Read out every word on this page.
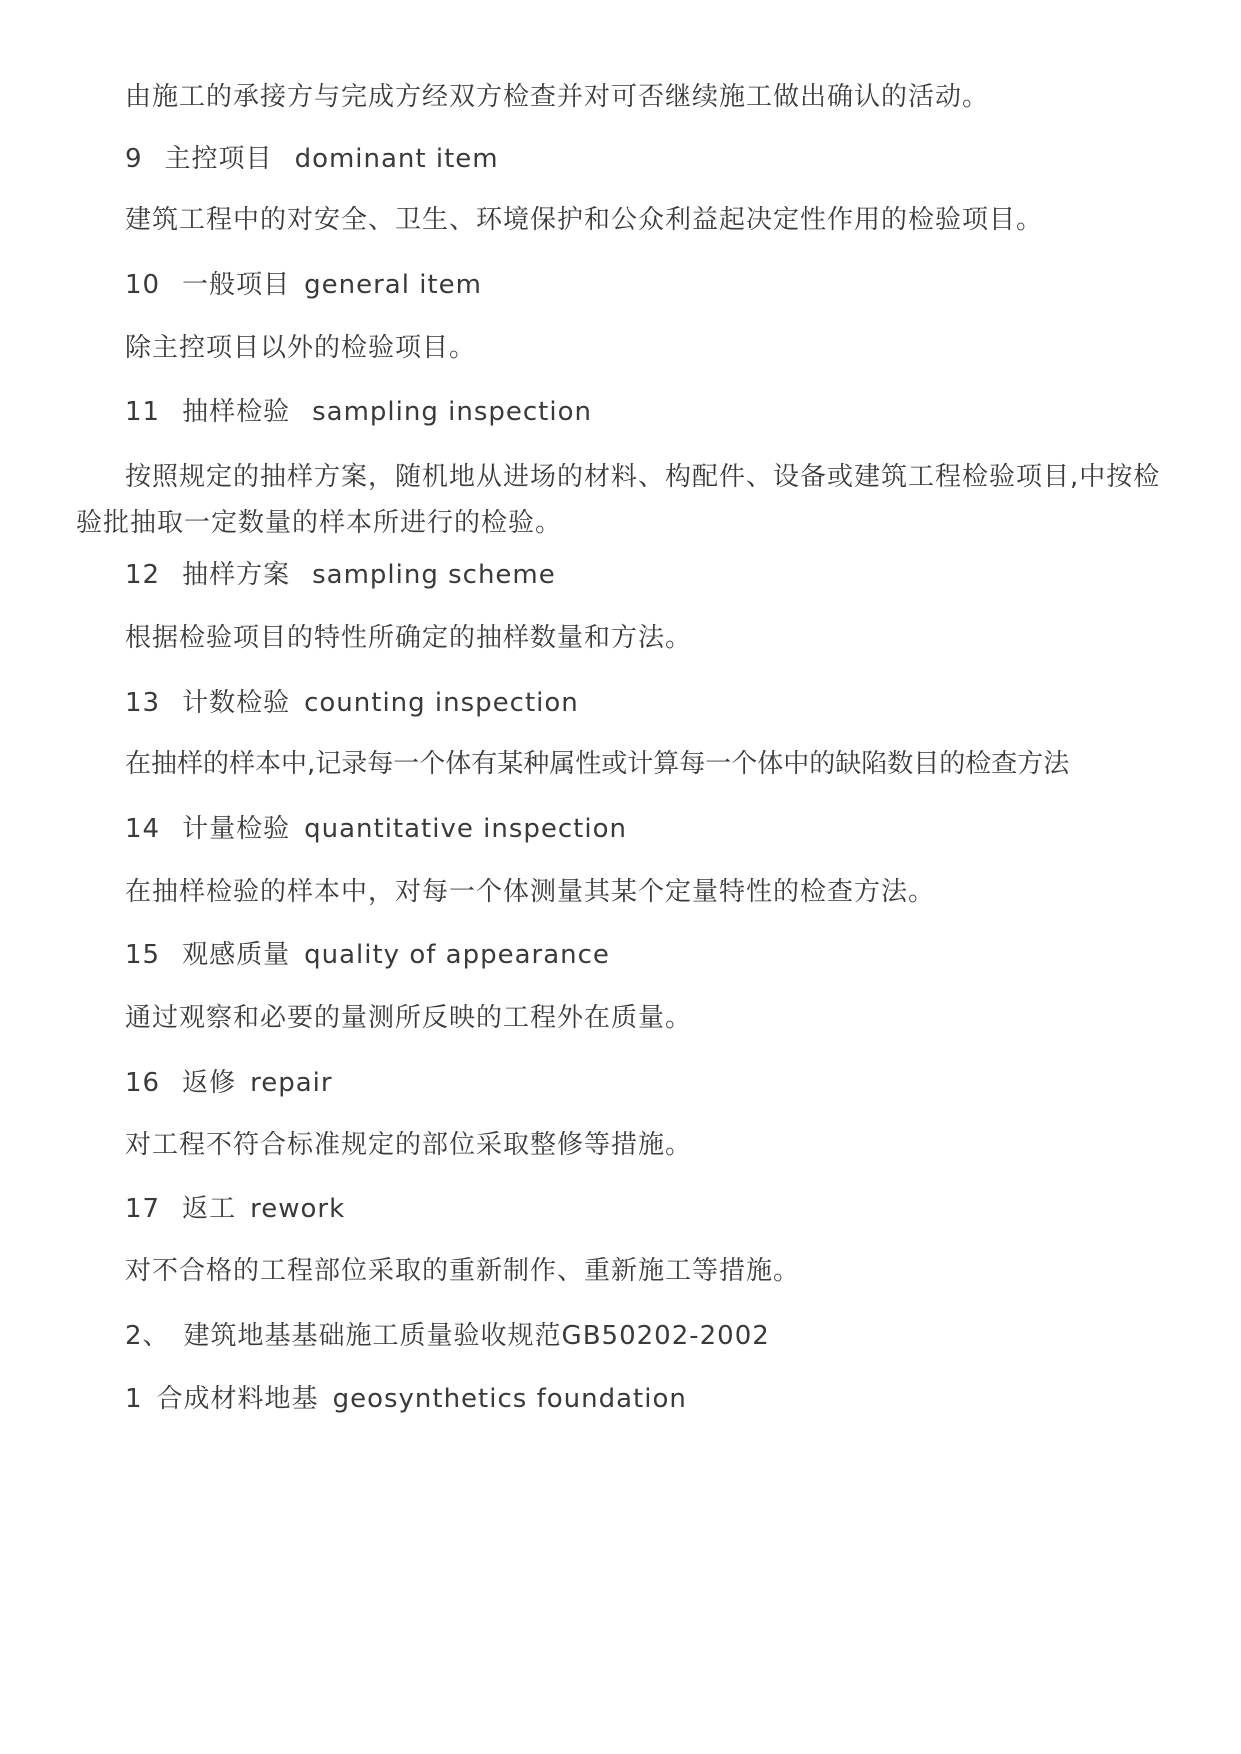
由施工的承接方与完成方经双方检查并对可否继续施工做出确认的活动。
9 主控项目 dominant item
建筑工程中的对安全、卫生、环境保护和公众利益起决定性作用的检验项目。
10 一般项目 general item
除主控项目以外的检验项目。
11 抽样检验 sampling inspection
按照规定的抽样方案，随机地从进场的材料、构配件、设备或建筑工程检验项目,中按检验批抽取一定数量的样本所进行的检验。
12 抽样方案 sampling scheme
根据检验项目的特性所确定的抽样数量和方法。
13 计数检验 counting inspection
在抽样的样本中,记录每一个体有某种属性或计算每一个体中的缺陷数目的检查方法
14 计量检验 quantitative inspection
在抽样检验的样本中，对每一个体测量其某个定量特性的检查方法。
15 观感质量 quality of appearance
通过观察和必要的量测所反映的工程外在质量。
16 返修 repair
对工程不符合标准规定的部位采取整修等措施。
17 返工 rework
对不合格的工程部位采取的重新制作、重新施工等措施。
2、 建筑地基基础施工质量验收规范GB50202-2002
1 合成材料地基 geosynthetics foundation
